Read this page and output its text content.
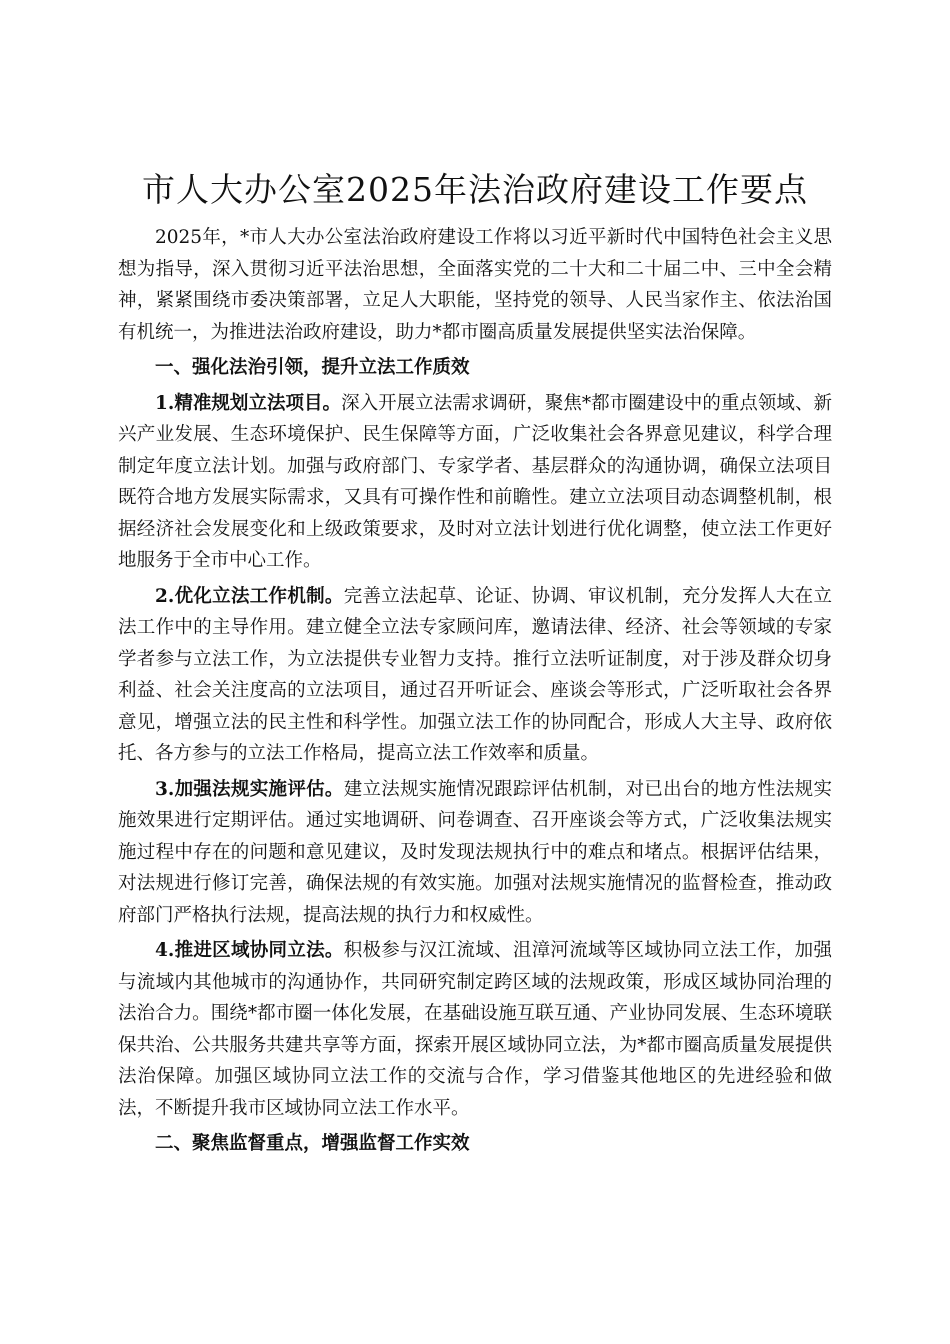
市人大办公室2025年法治政府建设工作要点

2025年，*市人大办公室法治政府建设工作将以习近平新时代中国特色社会主义思想为指导，深入贯彻习近平法治思想，全面落实党的二十大和二十届二中、三中全会精神，紧紧围绕市委决策部署，立足人大职能，坚持党的领导、人民当家作主、依法治国有机统一，为推进法治政府建设，助力*都市圈高质量发展提供坚实法治保障。

一、强化法治引领，提升立法工作质效

1.精准规划立法项目。深入开展立法需求调研，聚焦*都市圈建设中的重点领域、新兴产业发展、生态环境保护、民生保障等方面，广泛收集社会各界意见建议，科学合理制定年度立法计划。加强与政府部门、专家学者、基层群众的沟通协调，确保立法项目既符合地方发展实际需求，又具有可操作性和前瞻性。建立立法项目动态调整机制，根据经济社会发展变化和上级政策要求，及时对立法计划进行优化调整，使立法工作更好地服务于全市中心工作。

2.优化立法工作机制。完善立法起草、论证、协调、审议机制，充分发挥人大在立法工作中的主导作用。建立健全立法专家顾问库，邀请法律、经济、社会等领域的专家学者参与立法工作，为立法提供专业智力支持。推行立法听证制度，对于涉及群众切身利益、社会关注度高的立法项目，通过召开听证会、座谈会等形式，广泛听取社会各界意见，增强立法的民主性和科学性。加强立法工作的协同配合，形成人大主导、政府依托、各方参与的立法工作格局，提高立法工作效率和质量。

3.加强法规实施评估。建立法规实施情况跟踪评估机制，对已出台的地方性法规实施效果进行定期评估。通过实地调研、问卷调查、召开座谈会等方式，广泛收集法规实施过程中存在的问题和意见建议，及时发现法规执行中的难点和堵点。根据评估结果，对法规进行修订完善，确保法规的有效实施。加强对法规实施情况的监督检查，推动政府部门严格执行法规，提高法规的执行力和权威性。

4.推进区域协同立法。积极参与汉江流域、沮漳河流域等区域协同立法工作，加强与流域内其他城市的沟通协作，共同研究制定跨区域的法规政策，形成区域协同治理的法治合力。围绕*都市圈一体化发展，在基础设施互联互通、产业协同发展、生态环境联保共治、公共服务共建共享等方面，探索开展区域协同立法，为*都市圈高质量发展提供法治保障。加强区域协同立法工作的交流与合作，学习借鉴其他地区的先进经验和做法，不断提升我市区域协同立法工作水平。

二、聚焦监督重点，增强监督工作实效
